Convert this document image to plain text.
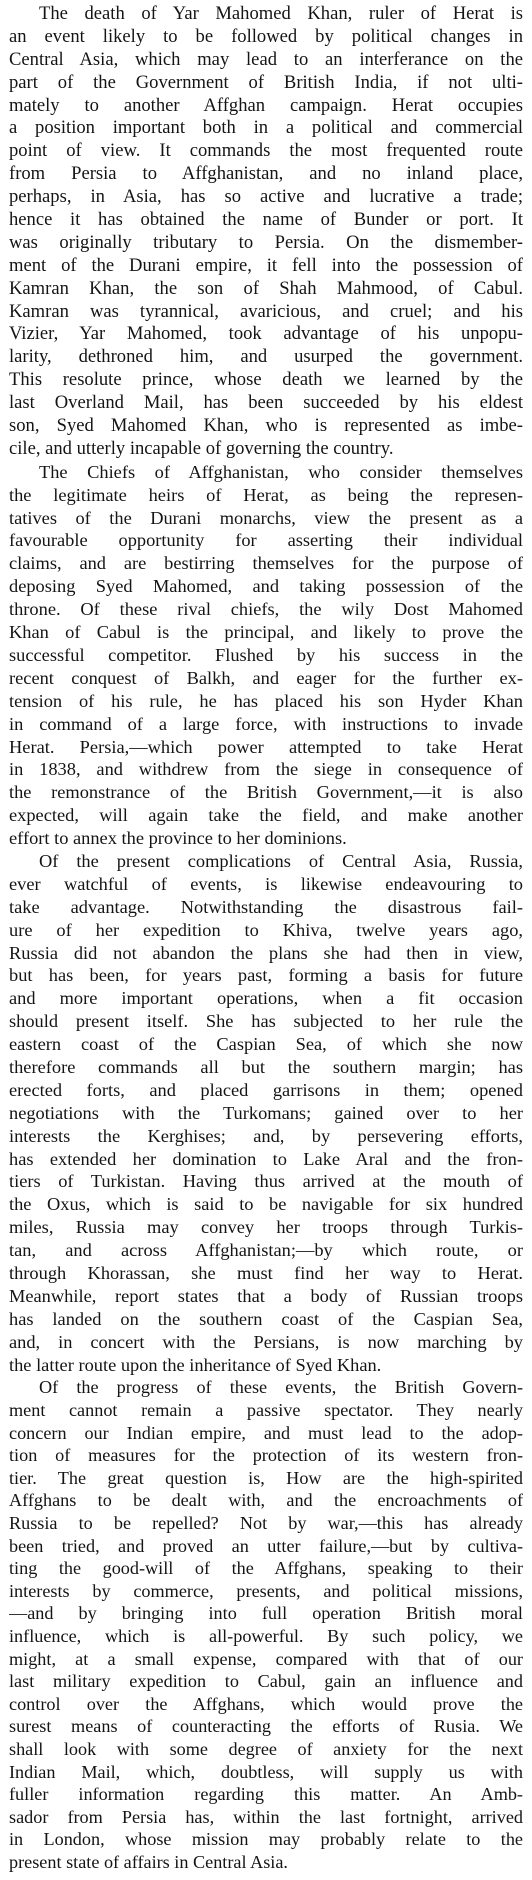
The death of Yar Mahomed Khan, ruler of Herat is
an event likely to be followed by political changes in
Central Asia, which may lead to an interferance on the
part of the Government of British India, if not ulti-
mately to another Affghan campaign. Herat occupies
a position important both in a political and commercial
point of view. It commands the most frequented route
from Persia to Affghanistan, and no inland place,
perhaps, in Asia, has so active and lucrative a trade;
hence it has obtained the name of Bunder or port. It
was originally tributary to Persia. On the dismember-
ment of the Durani empire, it fell into the possession of
Kamran Khan, the son of Shah Mahmood, of Cabul.
Kamran was tyrannical, avaricious, and cruel; and his
Vizier, Yar Mahomed, took advantage of his unpopu-
larity, dethroned him, and usurped the government.
This resolute prince, whose death we learned by the
last Overland Mail, has been succeeded by his eldest
son, Syed Mahomed Khan, who is represented as imbe-
cile, and utterly incapable of governing the country.
The Chiefs of Affghanistan, who consider themselves
the legitimate heirs of Herat, as being the represen-
tatives of the Durani monarchs, view the present as a
favourable opportunity for asserting their individual
claims, and are bestirring themselves for the purpose of
deposing Syed Mahomed, and taking possession of the
throne. Of these rival chiefs, the wily Dost Mahomed
Khan of Cabul is the principal, and likely to prove the
successful competitor. Flushed by his success in the
recent conquest of Balkh, and eager for the further ex-
tension of his rule, he has placed his son Hyder Khan
in command of a large force, with instructions to invade
Herat. Persia,—which power attempted to take Herat
in 1838, and withdrew from the siege in consequence of
the remonstrance of the British Government,—it is also
expected, will again take the field, and make another
effort to annex the province to her dominions.
Of the present complications of Central Asia, Russia,
ever watchful of events, is likewise endeavouring to
take advantage. Notwithstanding the disastrous fail-
ure of her expedition to Khiva, twelve years ago,
Russia did not abandon the plans she had then in view,
but has been, for years past, forming a basis for future
and more important operations, when a fit occasion
should present itself. She has subjected to her rule the
eastern coast of the Caspian Sea, of which she now
therefore commands all but the southern margin; has
erected forts, and placed garrisons in them; opened
negotiations with the Turkomans; gained over to her
interests the Kerghises; and, by persevering efforts,
has extended her domination to Lake Aral and the fron-
tiers of Turkistan. Having thus arrived at the mouth of
the Oxus, which is said to be navigable for six hundred
miles, Russia may convey her troops through Turkis-
tan, and across Affghanistan;—by which route, or
through Khorassan, she must find her way to Herat.
Meanwhile, report states that a body of Russian troops
has landed on the southern coast of the Caspian Sea,
and, in concert with the Persians, is now marching by
the latter route upon the inheritance of Syed Khan.
Of the progress of these events, the British Govern-
ment cannot remain a passive spectator. They nearly
concern our Indian empire, and must lead to the adop-
tion of measures for the protection of its western fron-
tier. The great question is, How are the high-spirited
Affghans to be dealt with, and the encroachments of
Russia to be repelled? Not by war,—this has already
been tried, and proved an utter failure,—but by cultiva-
ting the good-will of the Affghans, speaking to their
interests by commerce, presents, and political missions,
—and by bringing into full operation British moral
influence, which is all-powerful. By such policy, we
might, at a small expense, compared with that of our
last military expedition to Cabul, gain an influence and
control over the Affghans, which would prove the
surest means of counteracting the efforts of Rusia. We
shall look with some degree of anxiety for the next
Indian Mail, which, doubtless, will supply us with
fuller information regarding this matter. An Amb-
sador from Persia has, within the last fortnight, arrived
in London, whose mission may probably relate to the
present state of affairs in Central Asia.
